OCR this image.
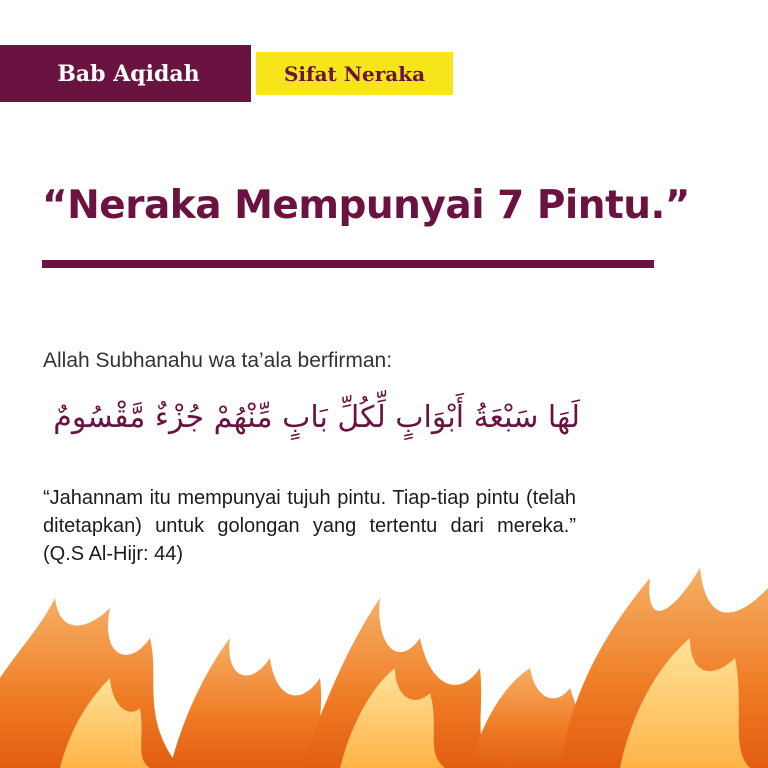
Bab Aqidah	Sifat Neraka
“Neraka Mempunyai 7 Pintu.”
Allah Subhanahu wa ta’ala berfirman:
لَهَا سَبْعَةُ أَبْوَابٍ لِّكُلِّ بَابٍ مِّنْهُمْ جُزْءٌ مَّقْسُومٌ
“Jahannam itu mempunyai tujuh pintu. Tiap-tiap pintu (telah ditetapkan) untuk golongan yang tertentu dari mereka.” (Q.S Al-Hijr: 44)
